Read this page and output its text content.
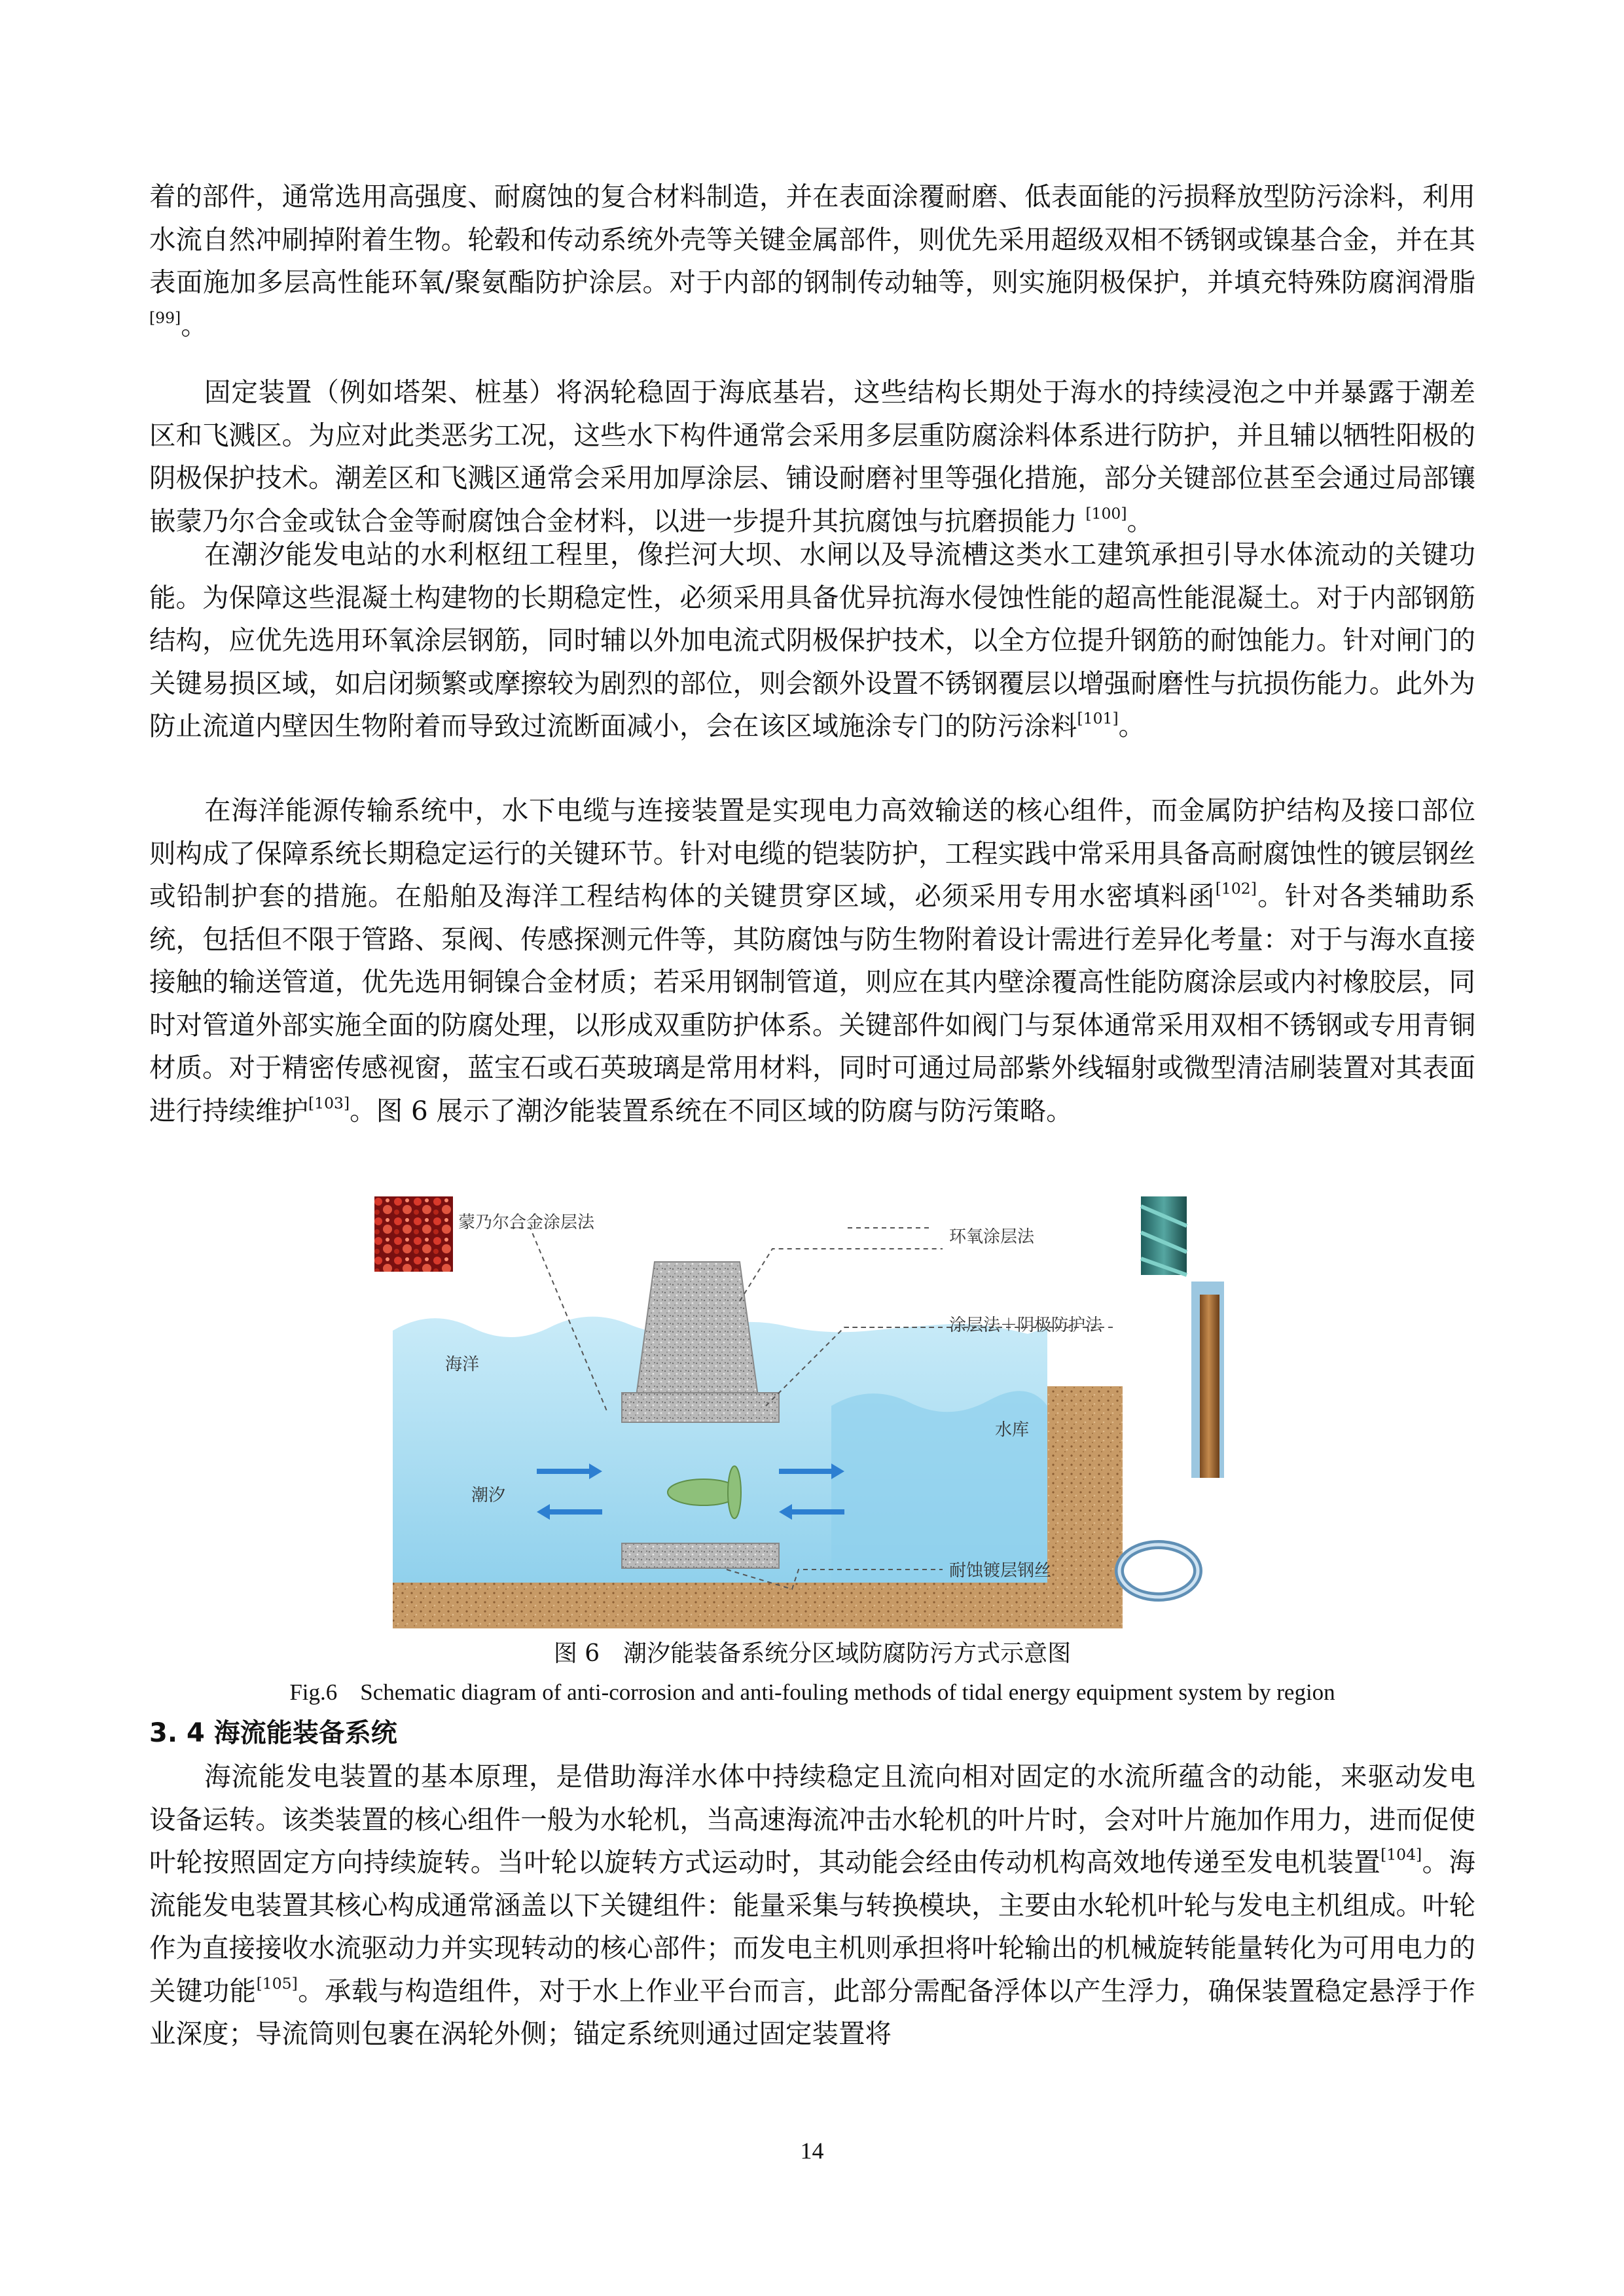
着的部件，通常选用高强度、耐腐蚀的复合材料制造，并在表面涂覆耐磨、低表面能的污损释放型防污涂料，利用水流自然冲刷掉附着生物。轮毂和传动系统外壳等关键金属部件，则优先采用超级双相不锈钢或镍基合金，并在其表面施加多层高性能环氧/聚氨酯防护涂层。对于内部的钢制传动轴等，则实施阴极保护，并填充特殊防腐润滑脂[99]。

固定装置（例如塔架、桩基）将涡轮稳固于海底基岩，这些结构长期处于海水的持续浸泡之中并暴露于潮差区和飞溅区。为应对此类恶劣工况，这些水下构件通常会采用多层重防腐涂料体系进行防护，并且辅以牺牲阳极的阴极保护技术。潮差区和飞溅区通常会采用加厚涂层、铺设耐磨衬里等强化措施，部分关键部位甚至会通过局部镶嵌蒙乃尔合金或钛合金等耐腐蚀合金材料，以进一步提升其抗腐蚀与抗磨损能力 [100]。

在潮汐能发电站的水利枢纽工程里，像拦河大坝、水闸以及导流槽这类水工建筑承担引导水体流动的关键功能。为保障这些混凝土构建物的长期稳定性，必须采用具备优异抗海水侵蚀性能的超高性能混凝土。对于内部钢筋结构，应优先选用环氧涂层钢筋，同时辅以外加电流式阴极保护技术，以全方位提升钢筋的耐蚀能力。针对闸门的关键易损区域，如启闭频繁或摩擦较为剧烈的部位，则会额外设置不锈钢覆层以增强耐磨性与抗损伤能力。此外为防止流道内壁因生物附着而导致过流断面减小，会在该区域施涂专门的防污涂料[101]。

在海洋能源传输系统中，水下电缆与连接装置是实现电力高效输送的核心组件，而金属防护结构及接口部位则构成了保障系统长期稳定运行的关键环节。针对电缆的铠装防护，工程实践中常采用具备高耐腐蚀性的镀层钢丝或铅制护套的措施。在船舶及海洋工程结构体的关键贯穿区域，必须采用专用水密填料函[102]。针对各类辅助系统，包括但不限于管路、泵阀、传感探测元件等，其防腐蚀与防生物附着设计需进行差异化考量：对于与海水直接接触的输送管道，优先选用铜镍合金材质；若采用钢制管道，则应在其内壁涂覆高性能防腐涂层或内衬橡胶层，同时对管道外部实施全面的防腐处理，以形成双重防护体系。关键部件如阀门与泵体通常采用双相不锈钢或专用青铜材质。对于精密传感视窗，蓝宝石或石英玻璃是常用材料，同时可通过局部紫外线辐射或微型清洁刷装置对其表面进行持续维护[103]。图 6 展示了潮汐能装置系统在不同区域的防腐与防污策略。

蒙乃尔合金涂层法
环氧涂层法
涂层法＋阴极防护法
海洋
潮汐
水库
耐蚀镀层钢丝
图 6　潮汐能装备系统分区域防腐防污方式示意图
Fig.6　Schematic diagram of anti-corrosion and anti-fouling methods of tidal energy equipment system by region
3. 4 海流能装备系统

海流能发电装置的基本原理，是借助海洋水体中持续稳定且流向相对固定的水流所蕴含的动能，来驱动发电设备运转。该类装置的核心组件一般为水轮机，当高速海流冲击水轮机的叶片时，会对叶片施加作用力，进而促使叶轮按照固定方向持续旋转。当叶轮以旋转方式运动时，其动能会经由传动机构高效地传递至发电机装置[104]。海流能发电装置其核心构成通常涵盖以下关键组件：能量采集与转换模块，主要由水轮机叶轮与发电主机组成。叶轮作为直接接收水流驱动力并实现转动的核心部件；而发电主机则承担将叶轮输出的机械旋转能量转化为可用电力的关键功能[105]。承载与构造组件，对于水上作业平台而言，此部分需配备浮体以产生浮力，确保装置稳定悬浮于作业深度；导流筒则包裹在涡轮外侧；锚定系统则通过固定装置将

14
